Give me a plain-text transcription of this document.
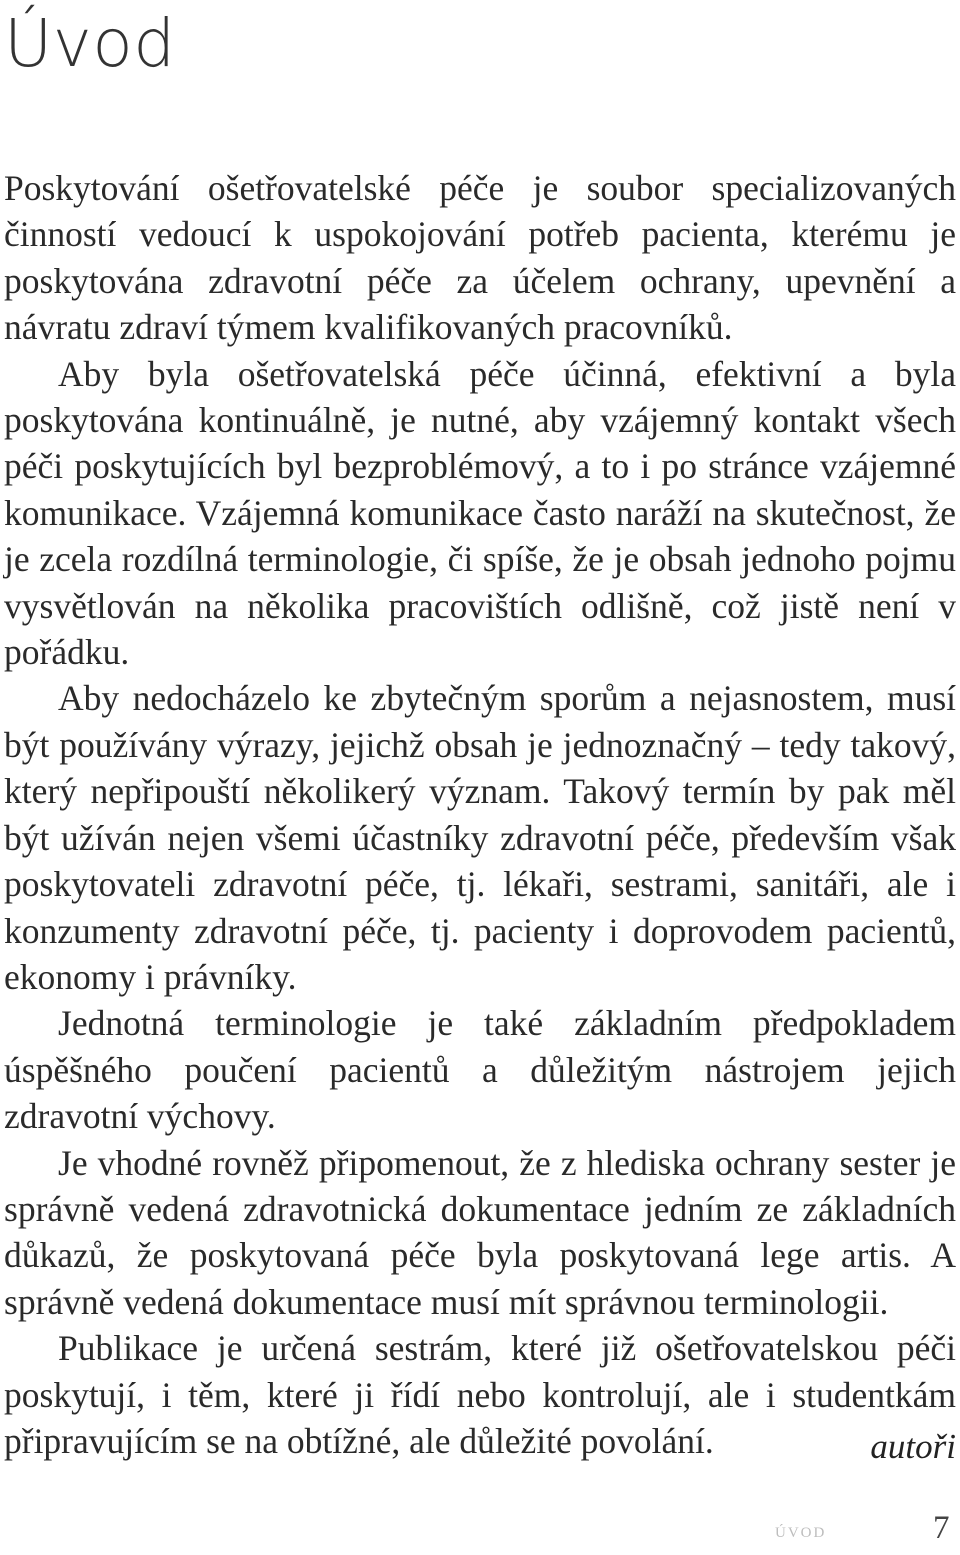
Úvod

Poskytování ošetřovatelské péče je soubor specializovaných činností vedoucí k uspokojování potřeb pacienta, kterému je poskytována zdravotní péče za účelem ochrany, upevnění a návratu zdraví týmem kvalifikovaných pracovníků.

Aby byla ošetřovatelská péče účinná, efektivní a byla poskytována kontinuálně, je nutné, aby vzájemný kontakt všech péči poskytujících byl bezproblémový, a to i po stránce vzájemné komunikace. Vzájemná komunikace často naráží na skutečnost, že je zcela rozdílná terminologie, či spíše, že je obsah jednoho pojmu vysvětlován na několika pracovištích odlišně, což jistě není v pořádku.

Aby nedocházelo ke zbytečným sporům a nejasnostem, musí být používány výrazy, jejichž obsah je jednoznačný – tedy takový, který nepřipouští několikerý význam. Takový termín by pak měl být užíván nejen všemi účastníky zdravotní péče, především však poskytovateli zdravotní péče, tj. lékaři, sestrami, sanitáři, ale i konzumenty zdravotní péče, tj. pacienty i doprovodem pacientů, ekonomy i právníky.

Jednotná terminologie je také základním předpokladem úspěšného poučení pacientů a důležitým nástrojem jejich zdravotní výchovy.

Je vhodné rovněž připomenout, že z hlediska ochrany sester je správně vedená zdravotnická dokumentace jedním ze základních důkazů, že poskytovaná péče byla poskytovaná lege artis. A správně vedená dokumentace musí mít správnou terminologii.

Publikace je určená sestrám, které již ošetřovatelskou péči poskytují, i těm, které ji řídí nebo kontrolují, ale i studentkám připravujícím se na obtížné, ale důležité povolání.	autoři
úvod	7
